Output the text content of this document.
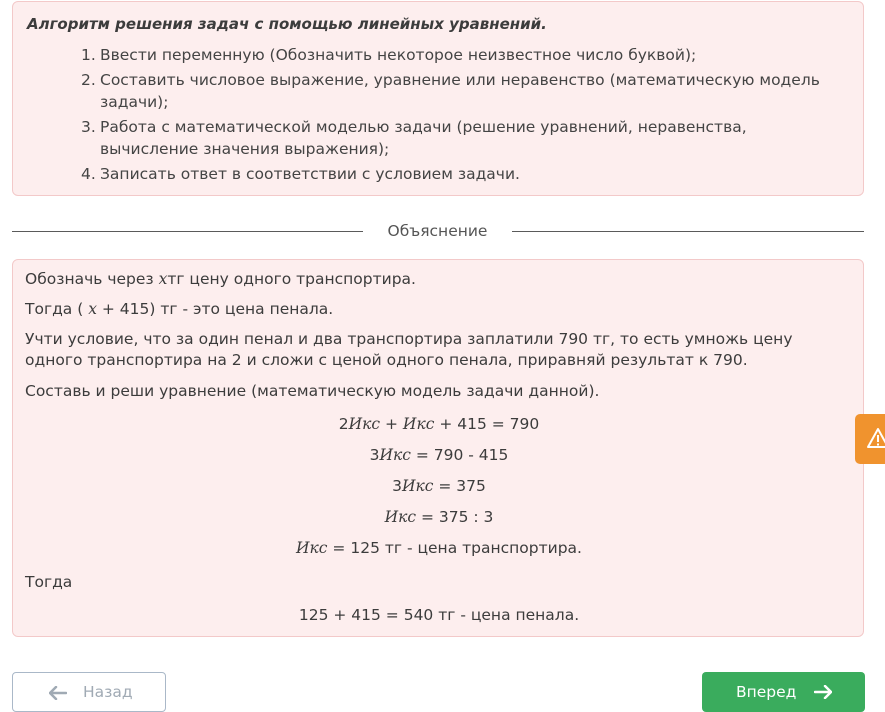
Алгоритм решения задач с помощью линейных уравнений.

1. Ввести переменную (Обозначить некоторое неизвестное число буквой);
2. Составить числовое выражение, уравнение или неравенство (математическую модель задачи);
3. Работа с математической моделью задачи (решение уравнений, неравенства, вычисление значения выражения);
4. Записать ответ в соответствии с условием задачи.
Объяснение
Обозначь через xтг цену одного транспортира.
Тогда ( x + 415) тг - это цена пенала.
Учти условие, что за один пенал и два транспортира заплатили 790 тг, то есть умножь цену одного транспортира на 2 и сложи с ценой одного пенала, приравняй результат к 790.
Составь и реши уравнение (математическую модель задачи данной).
2Икс + Икс + 415 = 790
3Икс = 790 - 415
3Икс = 375
Икс = 375 : 3
Икс = 125 тг - цена транспортира.
Тогда
125 + 415 = 540 тг - цена пенала.
Назад	Вперед
